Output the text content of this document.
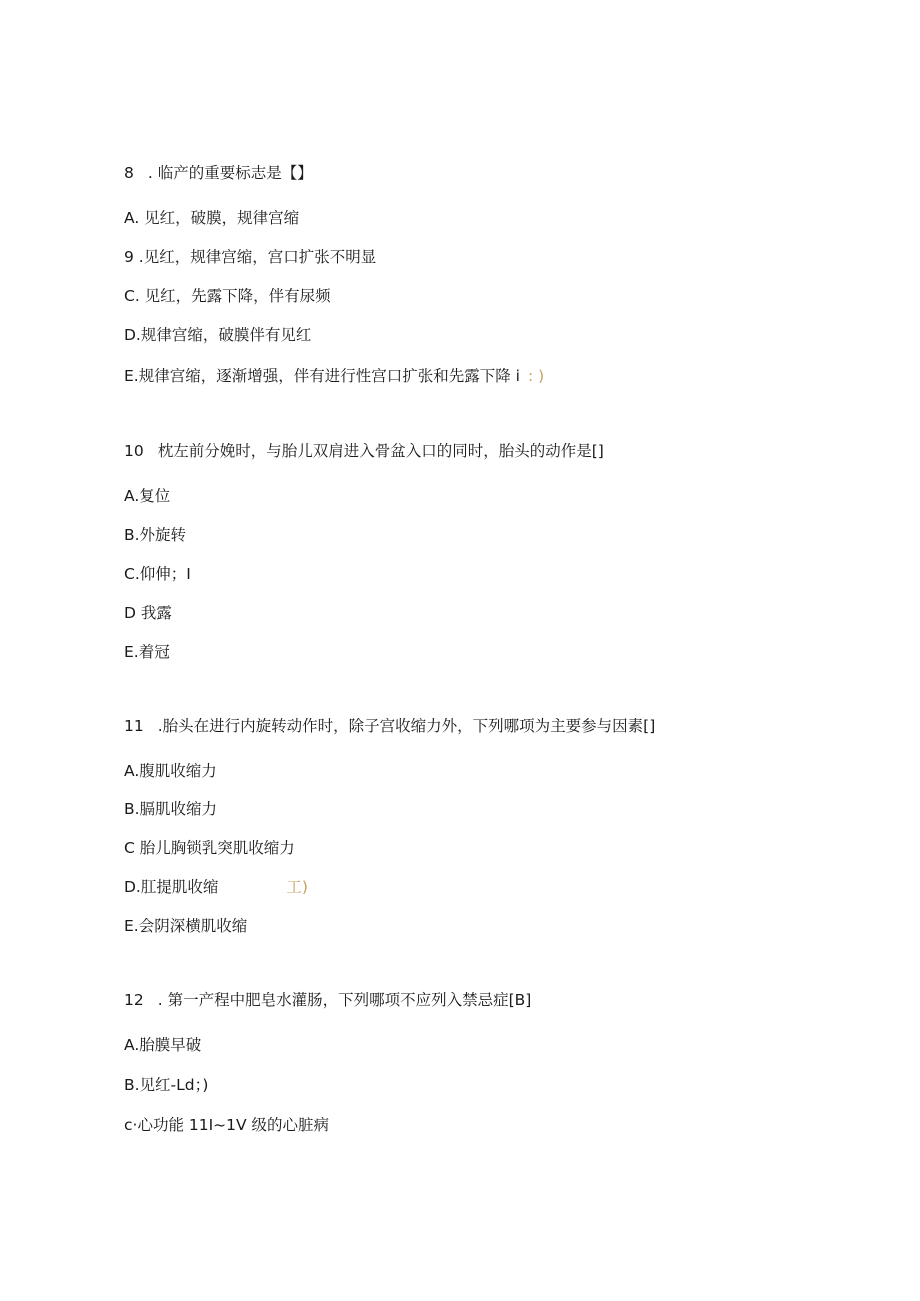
8 . 临产的重要标志是【】
A. 见红，破膜，规律宫缩
9 .见红，规律宫缩，宫口扩张不明显
C. 见红，先露下降，伴有尿频
D.规律宫缩，破膜伴有见红
E.规律宫缩，逐渐增强，伴有进行性宫口扩张和先露下降 i : )
10 枕左前分娩时，与胎儿双肩进入骨盆入口的同时，胎头的动作是[]
A.复位
B.外旋转
C.仰伸；I
D 我露
E.着冠
11 .胎头在进行内旋转动作时，除子宫收缩力外，下列哪项为主要参与因素[]
A.腹肌收缩力
B.膈肌收缩力
C 胎儿胸锁乳突肌收缩力
D.肛提肌收缩	工)
E.会阴深横肌收缩
12 . 第一产程中肥皂水灌肠，下列哪项不应列入禁忌症[B]
A.胎膜早破
B.见红-Ld；)
c·心功能 11I~1V 级的心脏病
